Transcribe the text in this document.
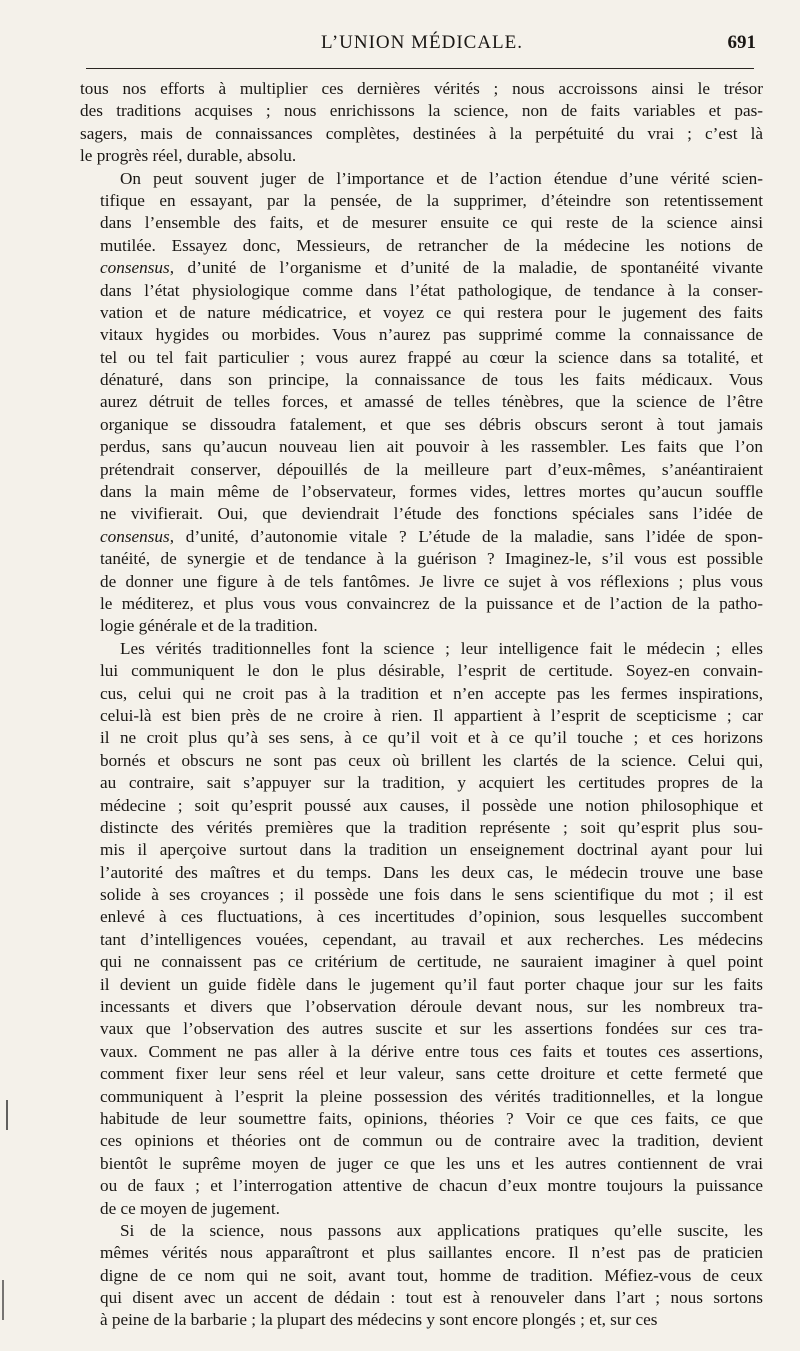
L’UNION MÉDICALE.	691
tous nos efforts à multiplier ces dernières vérités ; nous accroissons ainsi le trésor
des traditions acquises ; nous enrichissons la science, non de faits variables et pas-
sagers, mais de connaissances complètes, destinées à la perpétuité du vrai ; c’est là
le progrès réel, durable, absolu.
On peut souvent juger de l’importance et de l’action étendue d’une vérité scien-
tifique en essayant, par la pensée, de la supprimer, d’éteindre son retentissement
dans l’ensemble des faits, et de mesurer ensuite ce qui reste de la science ainsi
mutilée. Essayez donc, Messieurs, de retrancher de la médecine les notions de
consensus, d’unité de l’organisme et d’unité de la maladie, de spontanéité vivante
dans l’état physiologique comme dans l’état pathologique, de tendance à la conser-
vation et de nature médicatrice, et voyez ce qui restera pour le jugement des faits
vitaux hygides ou morbides. Vous n’aurez pas supprimé comme la connaissance de
tel ou tel fait particulier ; vous aurez frappé au cœur la science dans sa totalité, et
dénaturé, dans son principe, la connaissance de tous les faits médicaux. Vous
aurez détruit de telles forces, et amassé de telles ténèbres, que la science de l’être
organique se dissoudra fatalement, et que ses débris obscurs seront à tout jamais
perdus, sans qu’aucun nouveau lien ait pouvoir à les rassembler. Les faits que l’on
prétendrait conserver, dépouillés de la meilleure part d’eux-mêmes, s’anéantiraient
dans la main même de l’observateur, formes vides, lettres mortes qu’aucun souffle
ne vivifierait. Oui, que deviendrait l’étude des fonctions spéciales sans l’idée de
consensus, d’unité, d’autonomie vitale ? L’étude de la maladie, sans l’idée de spon-
tanéité, de synergie et de tendance à la guérison ? Imaginez-le, s’il vous est possible
de donner une figure à de tels fantômes. Je livre ce sujet à vos réflexions ; plus vous
le méditerez, et plus vous vous convaincrez de la puissance et de l’action de la patho-
logie générale et de la tradition.
Les vérités traditionnelles font la science ; leur intelligence fait le médecin ; elles
lui communiquent le don le plus désirable, l’esprit de certitude. Soyez-en convain-
cus, celui qui ne croit pas à la tradition et n’en accepte pas les fermes inspirations,
celui-là est bien près de ne croire à rien. Il appartient à l’esprit de scepticisme ; car
il ne croit plus qu’à ses sens, à ce qu’il voit et à ce qu’il touche ; et ces horizons
bornés et obscurs ne sont pas ceux où brillent les clartés de la science. Celui qui,
au contraire, sait s’appuyer sur la tradition, y acquiert les certitudes propres de la
médecine ; soit qu’esprit poussé aux causes, il possède une notion philosophique et
distincte des vérités premières que la tradition représente ; soit qu’esprit plus sou-
mis il aperçoive surtout dans la tradition un enseignement doctrinal ayant pour lui
l’autorité des maîtres et du temps. Dans les deux cas, le médecin trouve une base
solide à ses croyances ; il possède une fois dans le sens scientifique du mot ; il est
enlevé à ces fluctuations, à ces incertitudes d’opinion, sous lesquelles succombent
tant d’intelligences vouées, cependant, au travail et aux recherches. Les médecins
qui ne connaissent pas ce critérium de certitude, ne sauraient imaginer à quel point
il devient un guide fidèle dans le jugement qu’il faut porter chaque jour sur les faits
incessants et divers que l’observation déroule devant nous, sur les nombreux tra-
vaux que l’observation des autres suscite et sur les assertions fondées sur ces tra-
vaux. Comment ne pas aller à la dérive entre tous ces faits et toutes ces assertions,
comment fixer leur sens réel et leur valeur, sans cette droiture et cette fermeté que
communiquent à l’esprit la pleine possession des vérités traditionnelles, et la longue
habitude de leur soumettre faits, opinions, théories ? Voir ce que ces faits, ce que
ces opinions et théories ont de commun ou de contraire avec la tradition, devient
bientôt le suprême moyen de juger ce que les uns et les autres contiennent de vrai
ou de faux ; et l’interrogation attentive de chacun d’eux montre toujours la puissance
de ce moyen de jugement.
Si de la science, nous passons aux applications pratiques qu’elle suscite, les
mêmes vérités nous apparaîtront et plus saillantes encore. Il n’est pas de praticien
digne de ce nom qui ne soit, avant tout, homme de tradition. Méfiez-vous de ceux
qui disent avec un accent de dédain : tout est à renouveler dans l’art ; nous sortons
à peine de la barbarie ; la plupart des médecins y sont encore plongés ; et, sur ces
